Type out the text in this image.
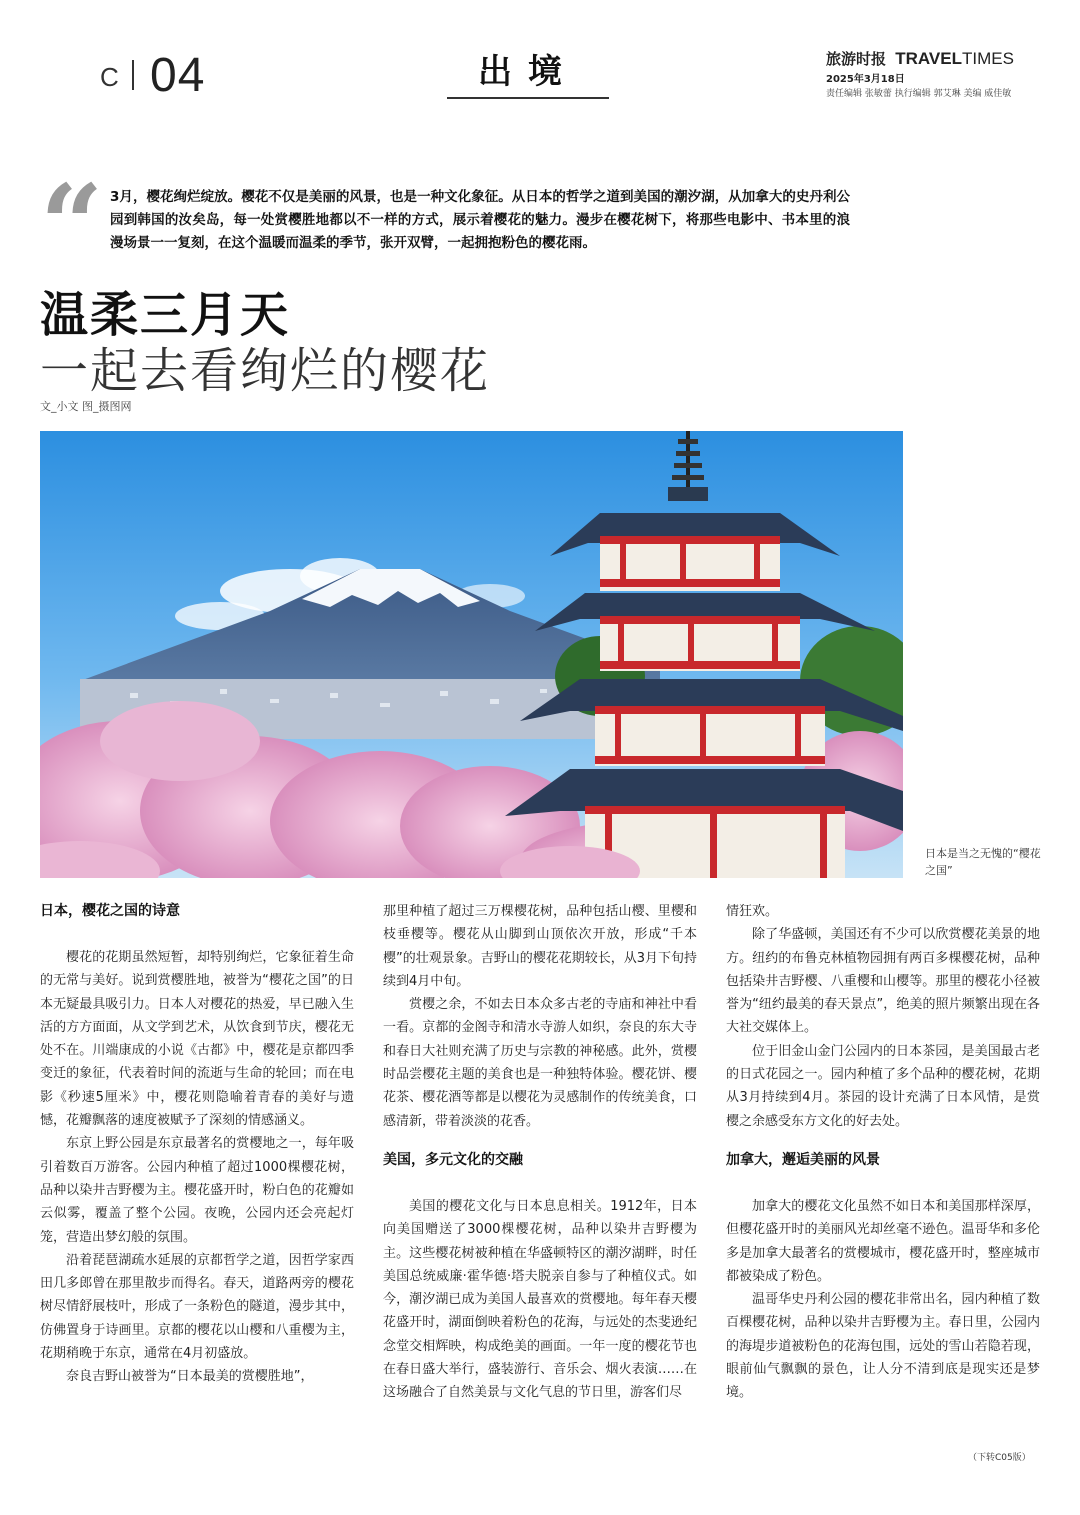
C 04	出境	旅游时报 TRAVELTIMES
2025年3月18日
责任编辑 张敏蕾 执行编辑 郭艾琳 美编 威佳敏
“ 3月，樱花绚烂绽放。樱花不仅是美丽的风景，也是一种文化象征。从日本的哲学之道到美国的潮汐湖，从加拿大的史丹利公园到韩国的汝矣岛，每一处赏樱胜地都以不一样的方式，展示着樱花的魅力。漫步在樱花树下，将那些电影中、书本里的浪漫场景一一复刻，在这个温暖而温柔的季节，张开双臂，一起拥抱粉色的樱花雨。
温柔三月天
一起去看绚烂的樱花
文_小文 图_摄图网
日本是当之无愧的“樱花之国”
日本，樱花之国的诗意

樱花的花期虽然短暂，却特别绚烂，它象征着生命的无常与美好。说到赏樱胜地，被誉为“樱花之国”的日本无疑最具吸引力。日本人对樱花的热爱，早已融入生活的方方面面，从文学到艺术，从饮食到节庆，樱花无处不在。川端康成的小说《古都》中，樱花是京都四季变迁的象征，代表着时间的流逝与生命的轮回；而在电影《秒速5厘米》中，樱花则隐喻着青春的美好与遗憾，花瓣飘落的速度被赋予了深刻的情感涵义。

东京上野公园是东京最著名的赏樱地之一，每年吸引着数百万游客。公园内种植了超过1000棵樱花树，品种以染井吉野樱为主。樱花盛开时，粉白色的花瓣如云似雾，覆盖了整个公园。夜晚，公园内还会亮起灯笼，营造出梦幻般的氛围。

沿着琵琶湖疏水延展的京都哲学之道，因哲学家西田几多郎曾在那里散步而得名。春天，道路两旁的樱花树尽情舒展枝叶，形成了一条粉色的隧道，漫步其中，仿佛置身于诗画里。京都的樱花以山樱和八重樱为主，花期稍晚于东京，通常在4月初盛放。

奈良吉野山被誉为“日本最美的赏樱胜地”，

那里种植了超过三万棵樱花树，品种包括山樱、里樱和枝垂樱等。樱花从山脚到山顶依次开放，形成“千本樱”的壮观景象。吉野山的樱花花期较长，从3月下旬持续到4月中旬。

赏樱之余，不如去日本众多古老的寺庙和神社中看一看。京都的金阁寺和清水寺游人如织，奈良的东大寺和春日大社则充满了历史与宗教的神秘感。此外，赏樱时品尝樱花主题的美食也是一种独特体验。樱花饼、樱花茶、樱花酒等都是以樱花为灵感制作的传统美食，口感清新，带着淡淡的花香。

美国，多元文化的交融

美国的樱花文化与日本息息相关。1912年，日本向美国赠送了3000棵樱花树，品种以染井吉野樱为主。这些樱花树被种植在华盛顿特区的潮汐湖畔，时任美国总统威廉·霍华德·塔夫脱亲自参与了种植仪式。如今，潮汐湖已成为美国人最喜欢的赏樱地。每年春天樱花盛开时，湖面倒映着粉色的花海，与远处的杰斐逊纪念堂交相辉映，构成绝美的画面。一年一度的樱花节也在春日盛大举行，盛装游行、音乐会、烟火表演……在这场融合了自然美景与文化气息的节日里，游客们尽

情狂欢。

除了华盛顿，美国还有不少可以欣赏樱花美景的地方。纽约的布鲁克林植物园拥有两百多棵樱花树，品种包括染井吉野樱、八重樱和山樱等。那里的樱花小径被誉为“纽约最美的春天景点”，绝美的照片频繁出现在各大社交媒体上。

位于旧金山金门公园内的日本茶园，是美国最古老的日式花园之一。园内种植了多个品种的樱花树，花期从3月持续到4月。茶园的设计充满了日本风情，是赏樱之余感受东方文化的好去处。

加拿大，邂逅美丽的风景

加拿大的樱花文化虽然不如日本和美国那样深厚，但樱花盛开时的美丽风光却丝毫不逊色。温哥华和多伦多是加拿大最著名的赏樱城市，樱花盛开时，整座城市都被染成了粉色。

温哥华史丹利公园的樱花非常出名，园内种植了数百棵樱花树，品种以染井吉野樱为主。春日里，公园内的海堤步道被粉色的花海包围，远处的雪山若隐若现，眼前仙气飘飘的景色，让人分不清到底是现实还是梦境。

（下转C05版）
